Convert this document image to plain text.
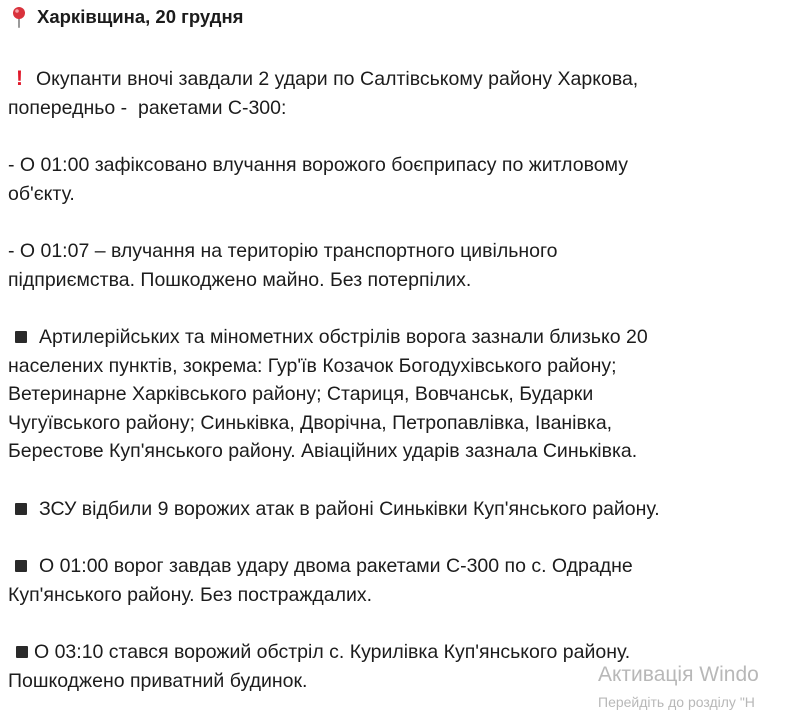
Харківщина, 20 грудня

! Окупанти вночі завдали 2 удари по Салтівському району Харкова,
попередньо -  ракетами С-300:

- О 01:00 зафіксовано влучання ворожого боєприпасу по житловому
об'єкту.

- О 01:07 – влучання на територію транспортного цивільного
підприємства. Пошкоджено майно. Без потерпілих.

Артилерійських та мінометних обстрілів ворога зазнали близько 20
населених пунктів, зокрема: Гур'їв Козачок Богодухівського району;
Ветеринарне Харківського району; Стариця, Вовчанськ, Бударки
Чугуївського району; Синьківка, Дворічна, Петропавлівка, Іванівка,
Берестове Куп'янського району. Авіаційних ударів зазнала Синьківка.

ЗСУ відбили 9 ворожих атак в районі Синьківки Куп'янського району.

О 01:00 ворог завдав удару двома ракетами С-300 по с. Одрадне
Куп'янського району. Без постраждалих.

О 03:10 стався ворожий обстріл с. Курилівка Куп'янського району.
Пошкоджено приватний будинок.	Активація Windo
Перейдіть до розділу "Н
